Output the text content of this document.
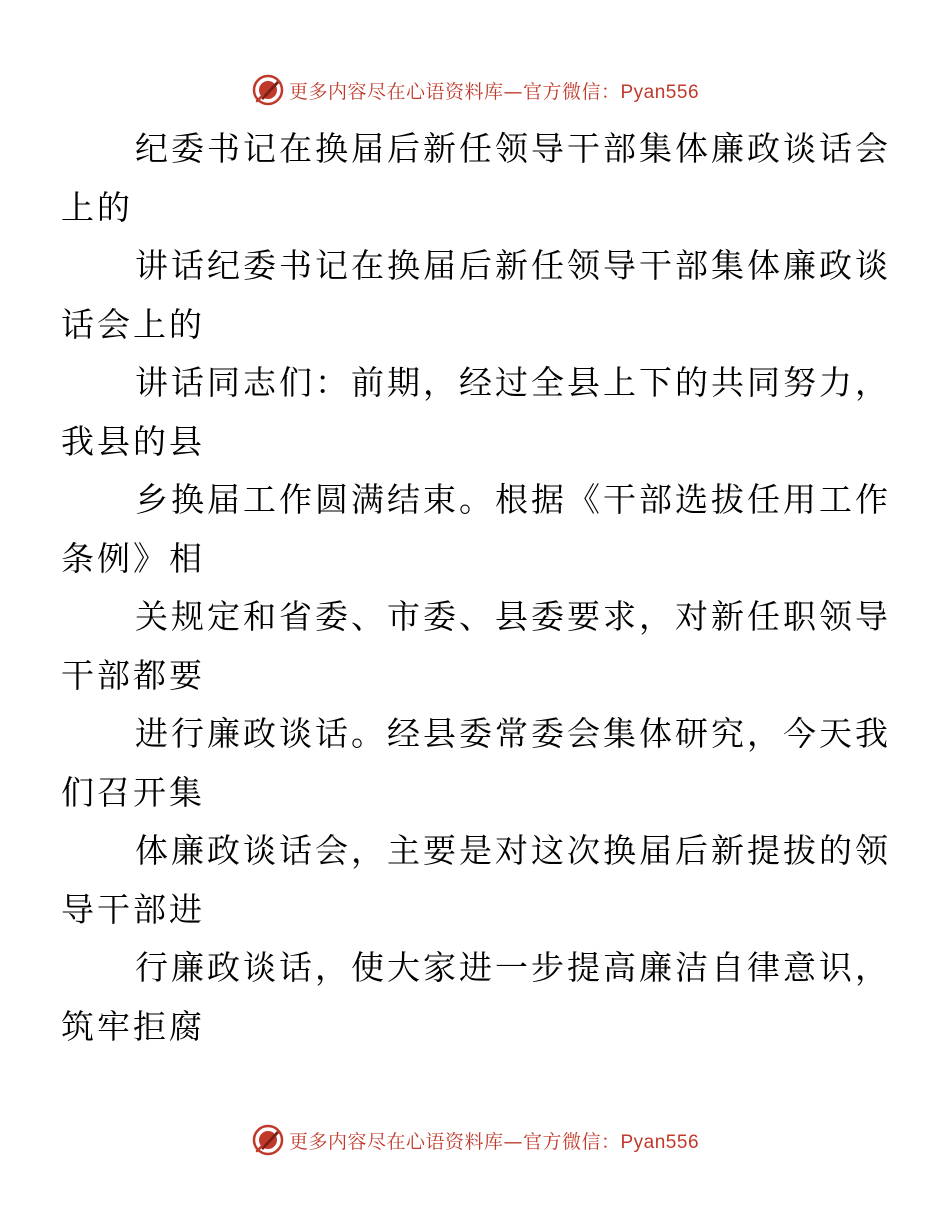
更多内容尽在心语资料库—官方微信：Pyan556

纪委书记在换届后新任领导干部集体廉政谈话会
上的

讲话纪委书记在换届后新任领导干部集体廉政谈
话会上的

讲话同志们：前期，经过全县上下的共同努力，
我县的县

乡换届工作圆满结束。根据《干部选拔任用工作
条例》相

关规定和省委、市委、县委要求，对新任职领导
干部都要

进行廉政谈话。经县委常委会集体研究，今天我
们召开集

体廉政谈话会，主要是对这次换届后新提拔的领
导干部进

行廉政谈话，使大家进一步提高廉洁自律意识，
筑牢拒腐

更多内容尽在心语资料库—官方微信：Pyan556
